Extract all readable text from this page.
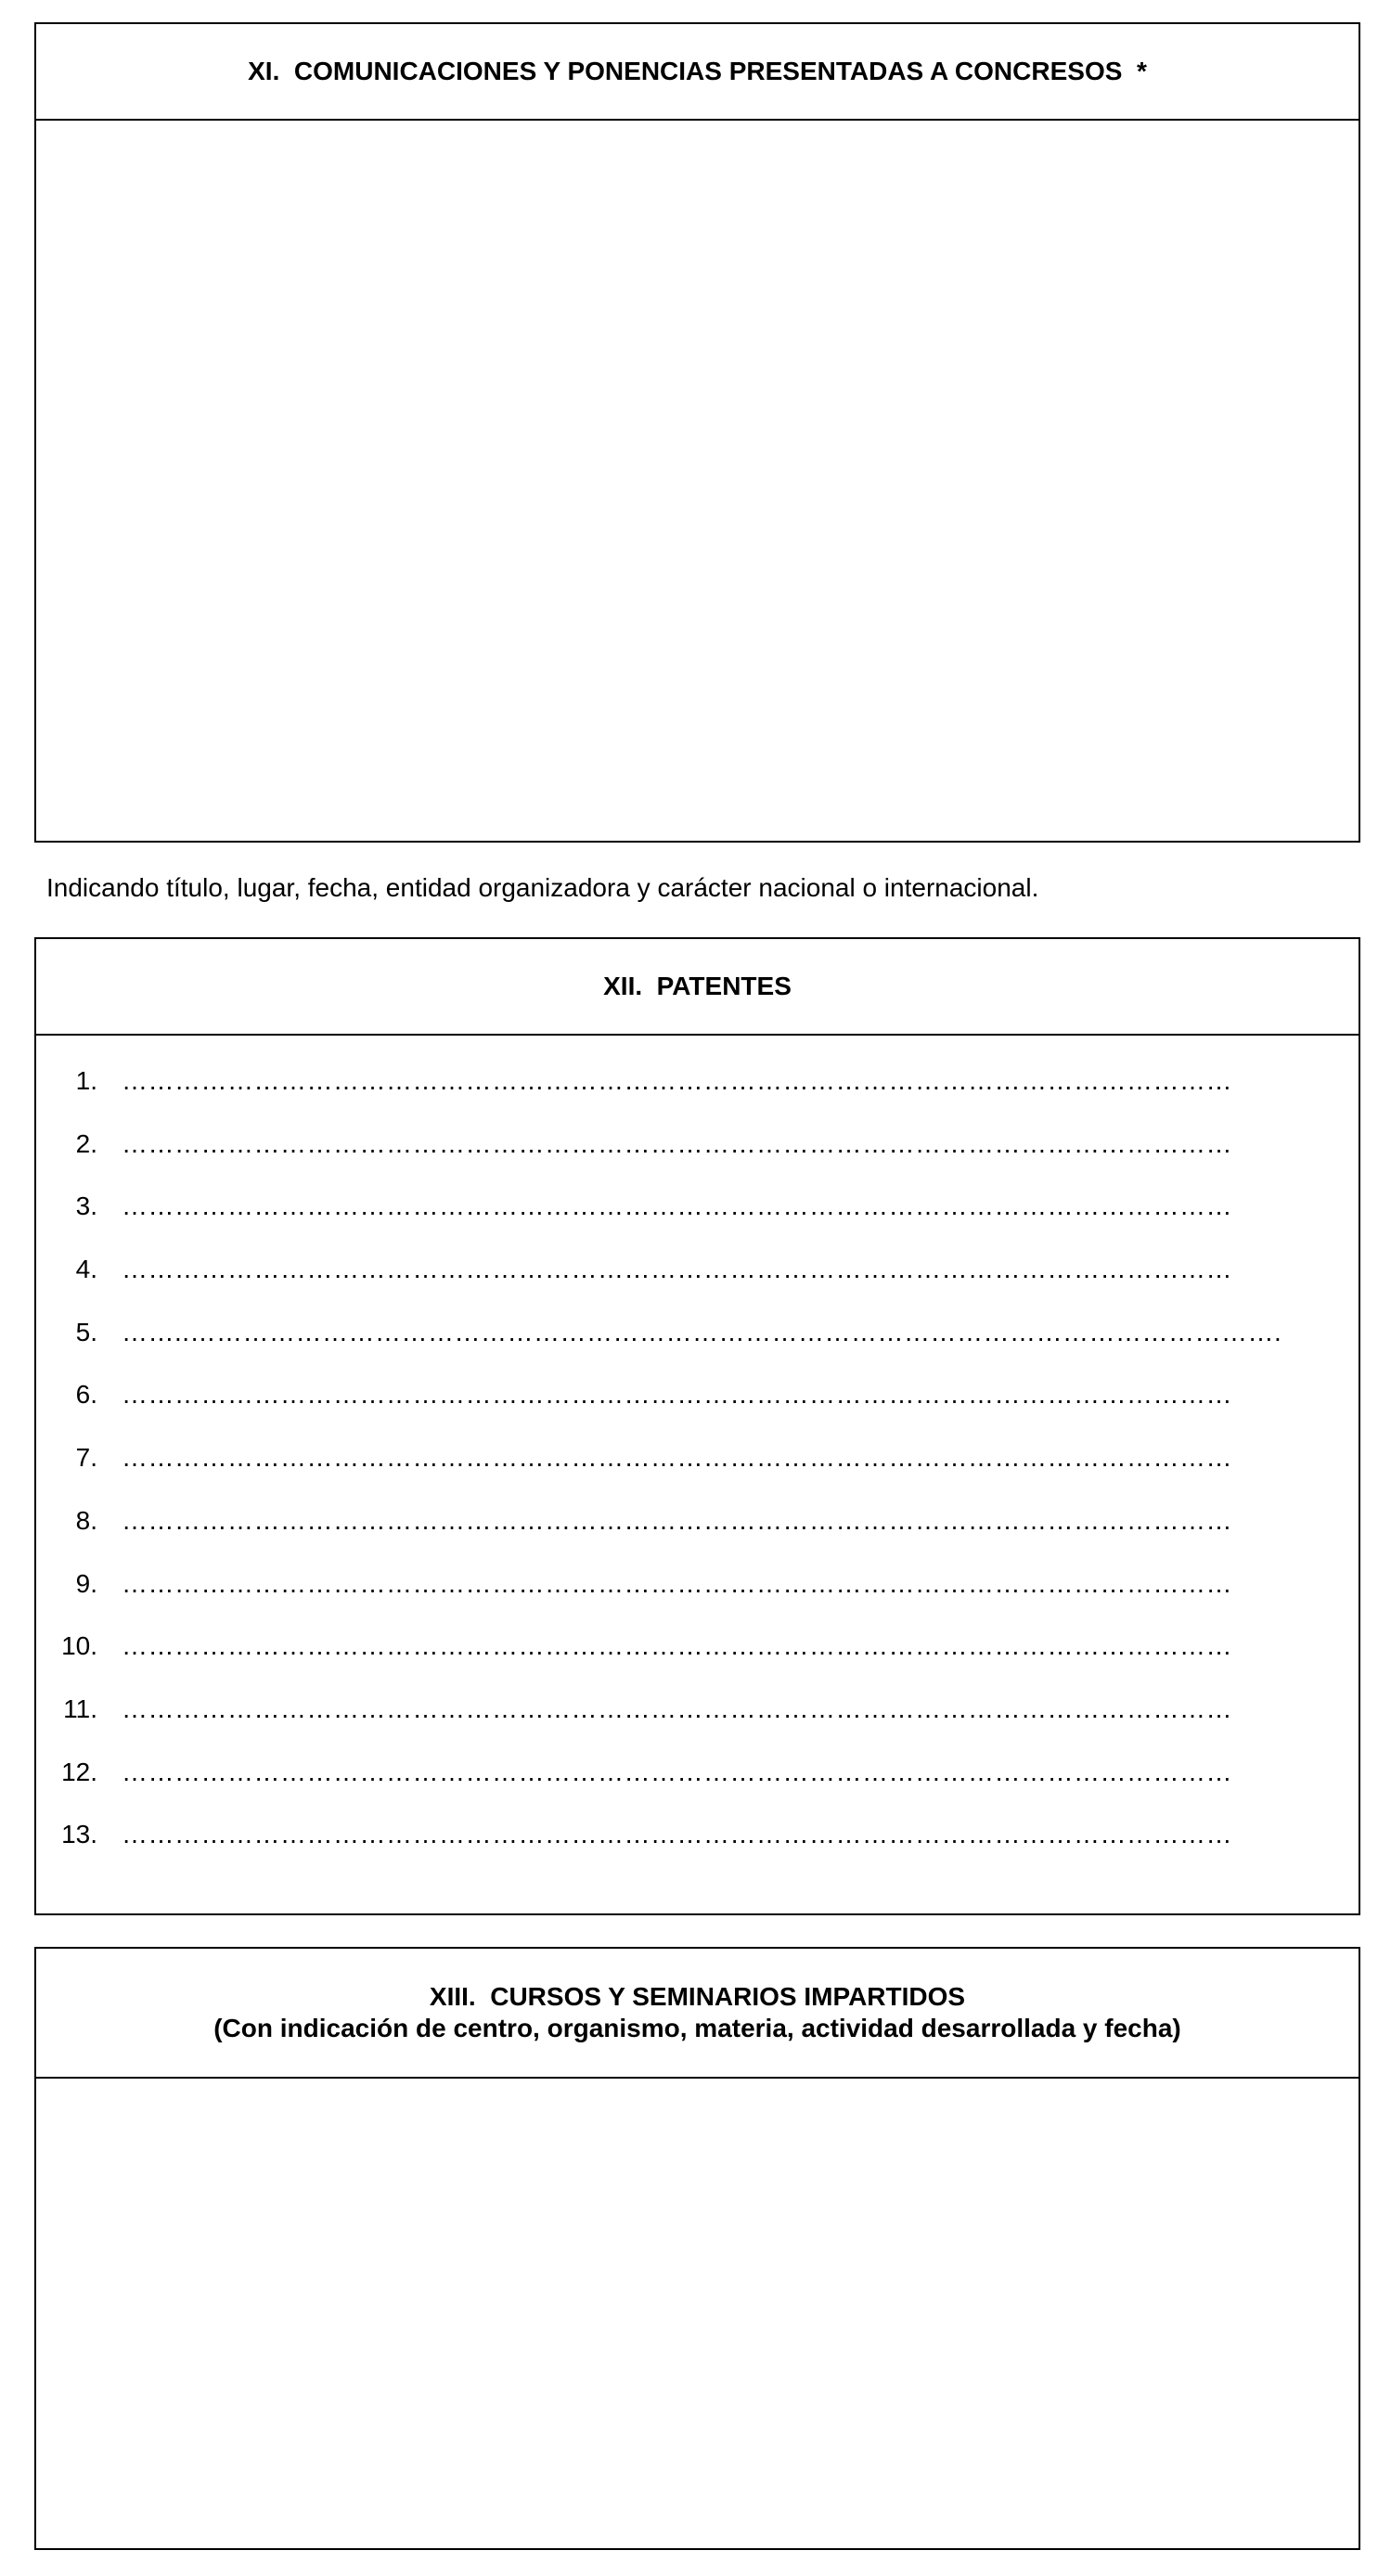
XI.  COMUNICACIONES Y PONENCIAS PRESENTADAS A CONCRESOS  *
Indicando título, lugar, fecha, entidad organizadora y carácter nacional o internacional.
XII.  PATENTES
1. ………………………………………………………………………………………………………………
2. ………………………………………………………………………………………………………………
3. ………………………………………………………………………………………………………………
4. ………………………………………………………………………………………………………………
5. ……..…………………………………………………………………………………………………………….
6. ………………………………………………………………………………………………………………
7. ………………………………………………………………………………………………………………
8. ………………………………………………………………………………………………………………
9. ………………………………………………………………………………………………………………
10. ………………………………………………………………………………………………………………
11. ………………………………………………………………………………………………………………
12. ………………………………………………………………………………………………………………
13. ………………………………………………………………………………………………………………
XIII.  CURSOS Y SEMINARIOS IMPARTIDOS
(Con indicación de centro, organismo, materia, actividad desarrollada y fecha)
